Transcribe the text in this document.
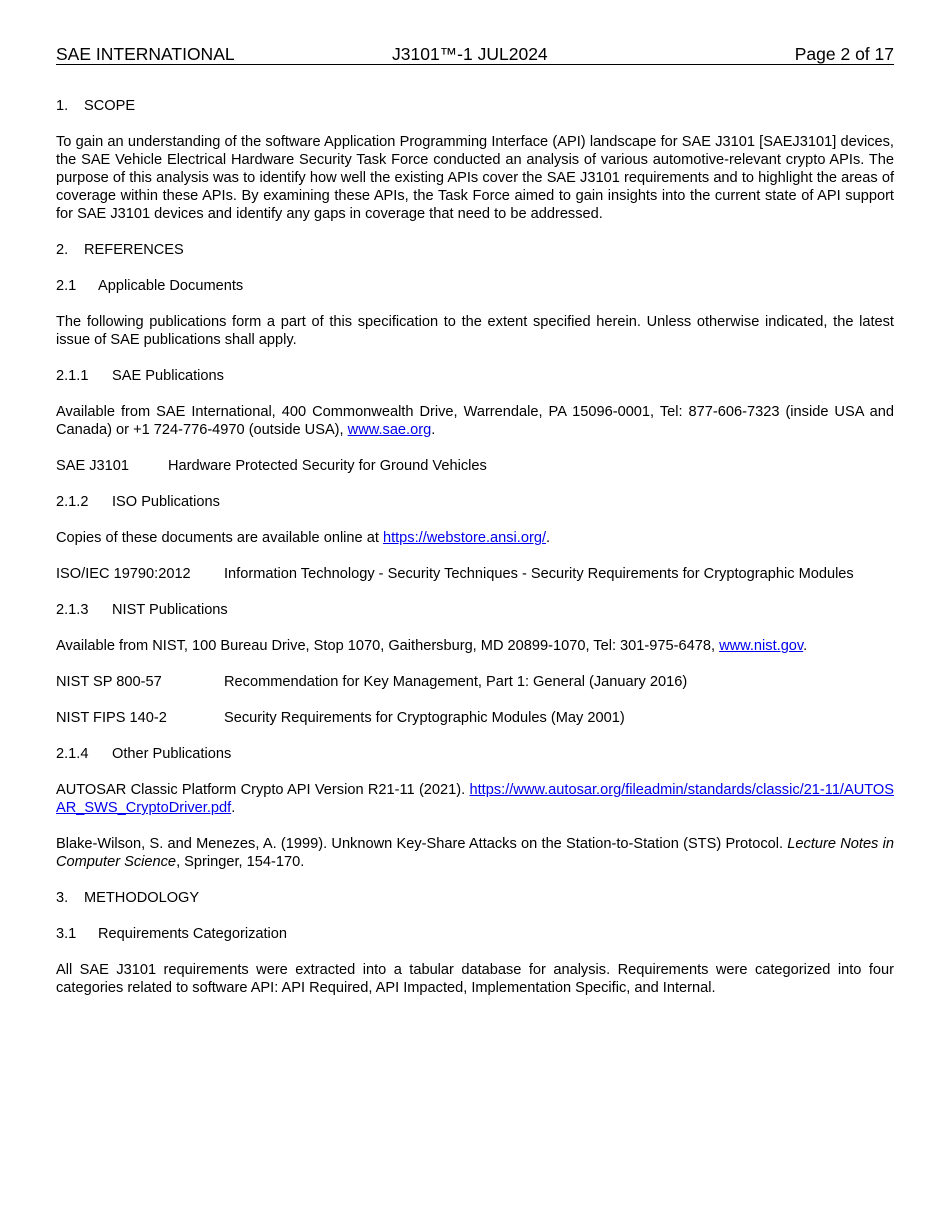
SAE INTERNATIONAL	J3101™-1 JUL2024	Page 2 of 17
1. SCOPE
To gain an understanding of the software Application Programming Interface (API) landscape for SAE J3101 [SAEJ3101] devices, the SAE Vehicle Electrical Hardware Security Task Force conducted an analysis of various automotive-relevant crypto APIs. The purpose of this analysis was to identify how well the existing APIs cover the SAE J3101 requirements and to highlight the areas of coverage within these APIs. By examining these APIs, the Task Force aimed to gain insights into the current state of API support for SAE J3101 devices and identify any gaps in coverage that need to be addressed.
2. REFERENCES
2.1 Applicable Documents
The following publications form a part of this specification to the extent specified herein. Unless otherwise indicated, the latest issue of SAE publications shall apply.
2.1.1 SAE Publications
Available from SAE International, 400 Commonwealth Drive, Warrendale, PA 15096-0001, Tel: 877-606-7323 (inside USA and Canada) or +1 724-776-4970 (outside USA), www.sae.org.
SAE J3101	Hardware Protected Security for Ground Vehicles
2.1.2 ISO Publications
Copies of these documents are available online at https://webstore.ansi.org/.
ISO/IEC 19790:2012	Information Technology - Security Techniques - Security Requirements for Cryptographic Modules
2.1.3 NIST Publications
Available from NIST, 100 Bureau Drive, Stop 1070, Gaithersburg, MD 20899-1070, Tel: 301-975-6478, www.nist.gov.
NIST SP 800-57	Recommendation for Key Management, Part 1: General (January 2016)
NIST FIPS 140-2	Security Requirements for Cryptographic Modules (May 2001)
2.1.4 Other Publications
AUTOSAR Classic Platform Crypto API Version R21-11 (2021). https://www.autosar.org/fileadmin/standards/classic/21-11/AUTOSAR_SWS_CryptoDriver.pdf.
Blake-Wilson, S. and Menezes, A. (1999). Unknown Key-Share Attacks on the Station-to-Station (STS) Protocol. Lecture Notes in Computer Science, Springer, 154-170.
3. METHODOLOGY
3.1 Requirements Categorization
All SAE J3101 requirements were extracted into a tabular database for analysis. Requirements were categorized into four categories related to software API: API Required, API Impacted, Implementation Specific, and Internal.
